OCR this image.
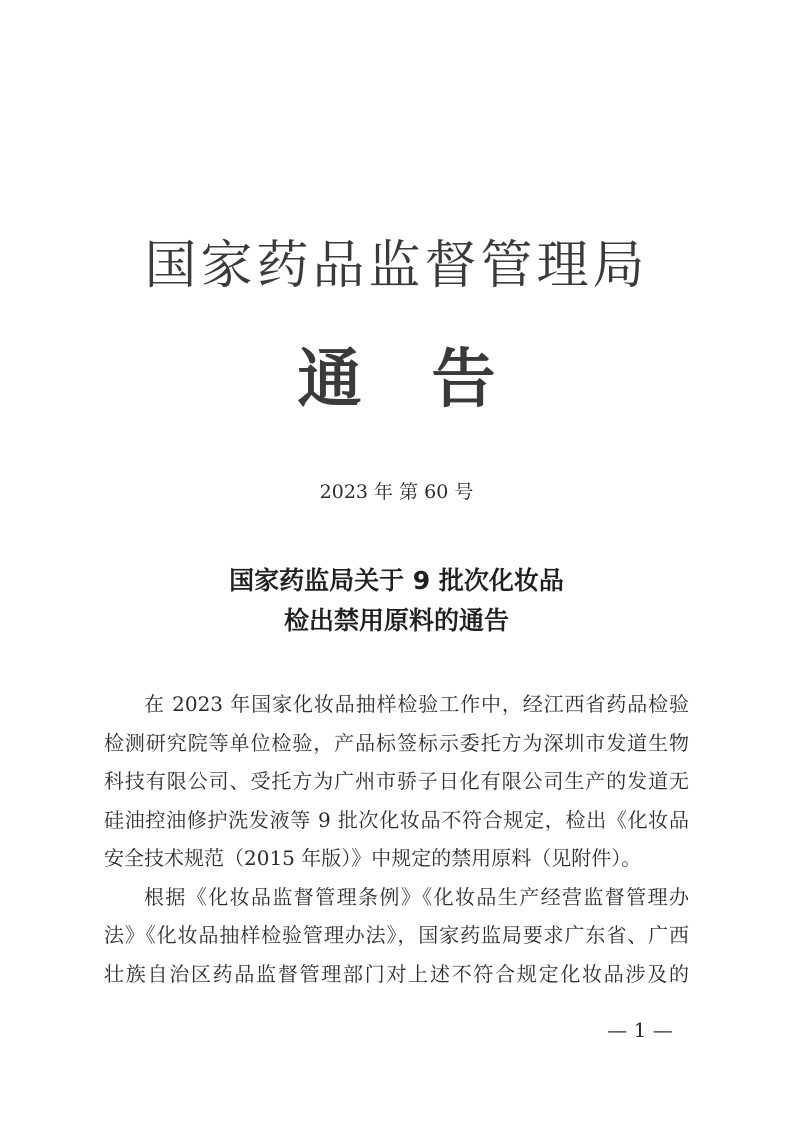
国家药品监督管理局
通告
2023 年 第 60 号
国家药监局关于 9 批次化妆品
检出禁用原料的通告
在 2023 年国家化妆品抽样检验工作中，经江西省药品检验
检测研究院等单位检验，产品标签标示委托方为深圳市发道生物
科技有限公司、受托方为广州市骄子日化有限公司生产的发道无
硅油控油修护洗发液等 9 批次化妆品不符合规定，检出《化妆品
安全技术规范（2015 年版）》中规定的禁用原料（见附件）。
根据《化妆品监督管理条例》《化妆品生产经营监督管理办
法》《化妆品抽样检验管理办法》，国家药监局要求广东省、广西
壮族自治区药品监督管理部门对上述不符合规定化妆品涉及的
— 1 —
